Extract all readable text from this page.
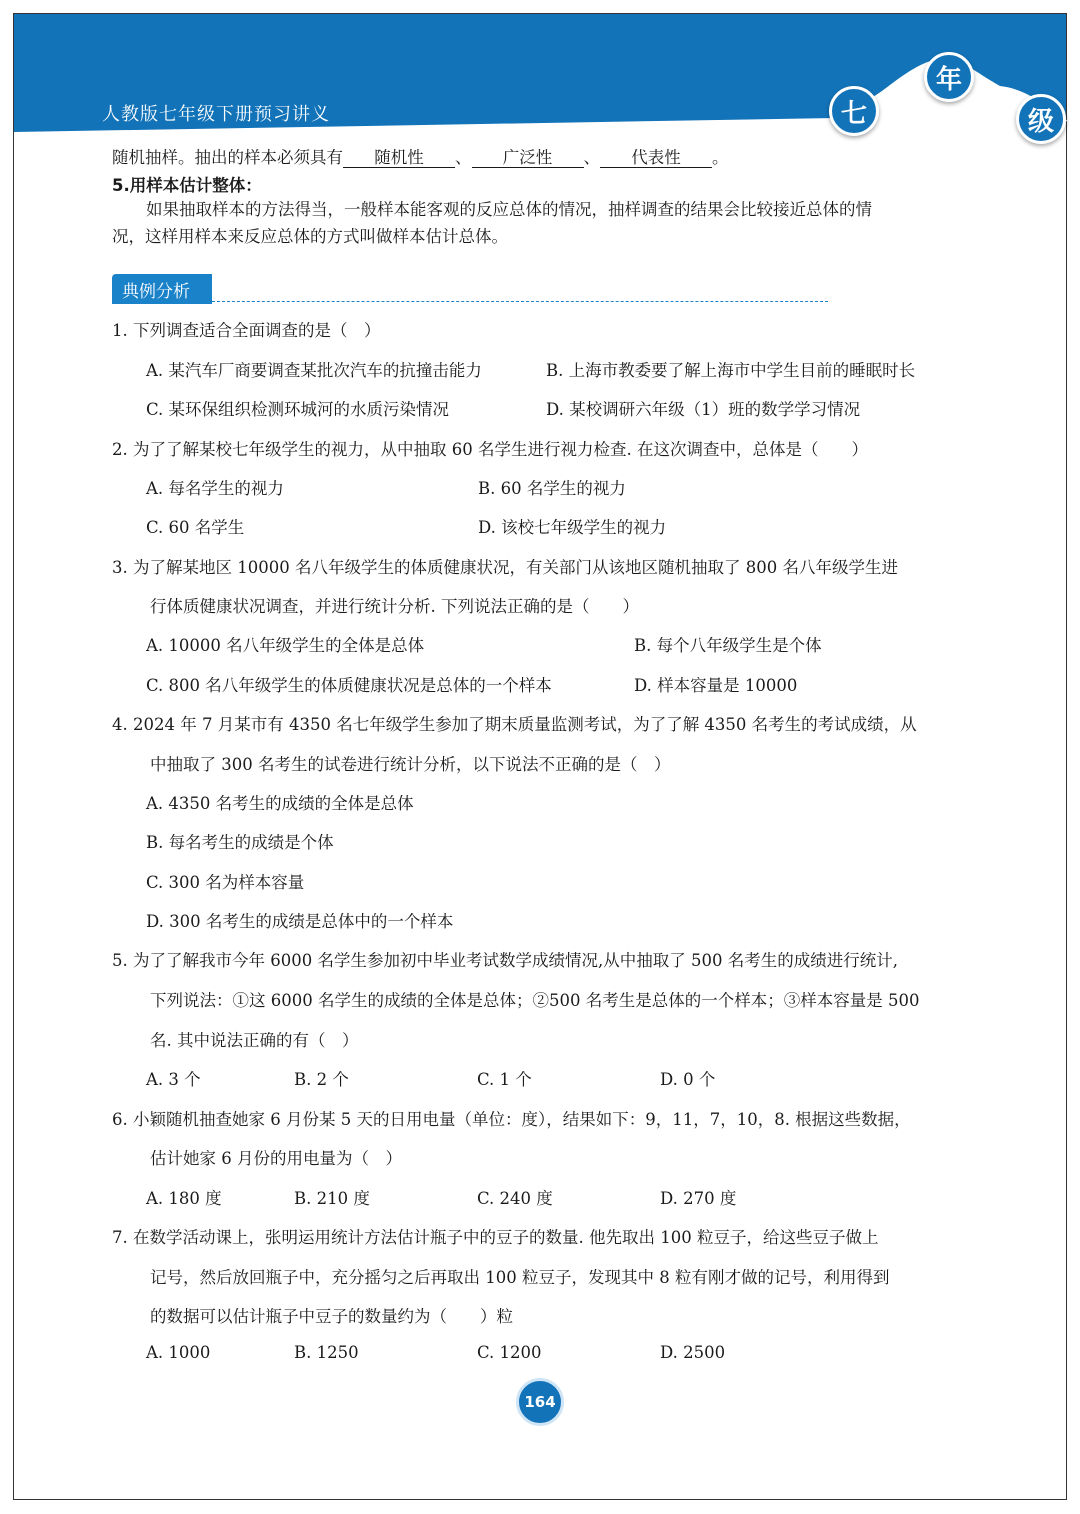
人教版七年级下册预习讲义	七
年
级
随机抽样。抽出的样本必须具有 随机性 、 广泛性 、 代表性 。
5.用样本估计整体：
如果抽取样本的方法得当，一般样本能客观的反应总体的情况，抽样调查的结果会比较接近总体的情
况，这样用样本来反应总体的方式叫做样本估计总体。
典例分析
1. 下列调查适合全面调查的是（　）
A. 某汽车厂商要调查某批次汽车的抗撞击能力	B. 上海市教委要了解上海市中学生目前的睡眠时长
C. 某环保组织检测环城河的水质污染情况	D. 某校调研六年级（1）班的数学学习情况
2. 为了了解某校七年级学生的视力，从中抽取 60 名学生进行视力检查. 在这次调查中，总体是（　　）
A. 每名学生的视力	B. 60 名学生的视力
C. 60 名学生	D. 该校七年级学生的视力
3. 为了解某地区 10000 名八年级学生的体质健康状况，有关部门从该地区随机抽取了 800 名八年级学生进
行体质健康状况调查，并进行统计分析. 下列说法正确的是（　　）
A. 10000 名八年级学生的全体是总体	B. 每个八年级学生是个体
C. 800 名八年级学生的体质健康状况是总体的一个样本	D. 样本容量是 10000
4. 2024 年 7 月某市有 4350 名七年级学生参加了期末质量监测考试，为了了解 4350 名考生的考试成绩，从
中抽取了 300 名考生的试卷进行统计分析，以下说法不正确的是（　）
A. 4350 名考生的成绩的全体是总体
B. 每名考生的成绩是个体
C. 300 名为样本容量
D. 300 名考生的成绩是总体中的一个样本
5. 为了了解我市今年 6000 名学生参加初中毕业考试数学成绩情况,从中抽取了 500 名考生的成绩进行统计,
下列说法：①这 6000 名学生的成绩的全体是总体；②500 名考生是总体的一个样本；③样本容量是 500
名. 其中说法正确的有（　）
A. 3 个	B. 2 个	C. 1 个	D. 0 个
6. 小颖随机抽查她家 6 月份某 5 天的日用电量（单位：度），结果如下：9，11，7，10，8. 根据这些数据，
估计她家 6 月份的用电量为（　）
A. 180 度	B. 210 度	C. 240 度	D. 270 度
7. 在数学活动课上，张明运用统计方法估计瓶子中的豆子的数量. 他先取出 100 粒豆子，给这些豆子做上
记号，然后放回瓶子中，充分摇匀之后再取出 100 粒豆子，发现其中 8 粒有刚才做的记号，利用得到
的数据可以估计瓶子中豆子的数量约为（　　）粒
A. 1000	B. 1250	C. 1200	D. 2500
164
